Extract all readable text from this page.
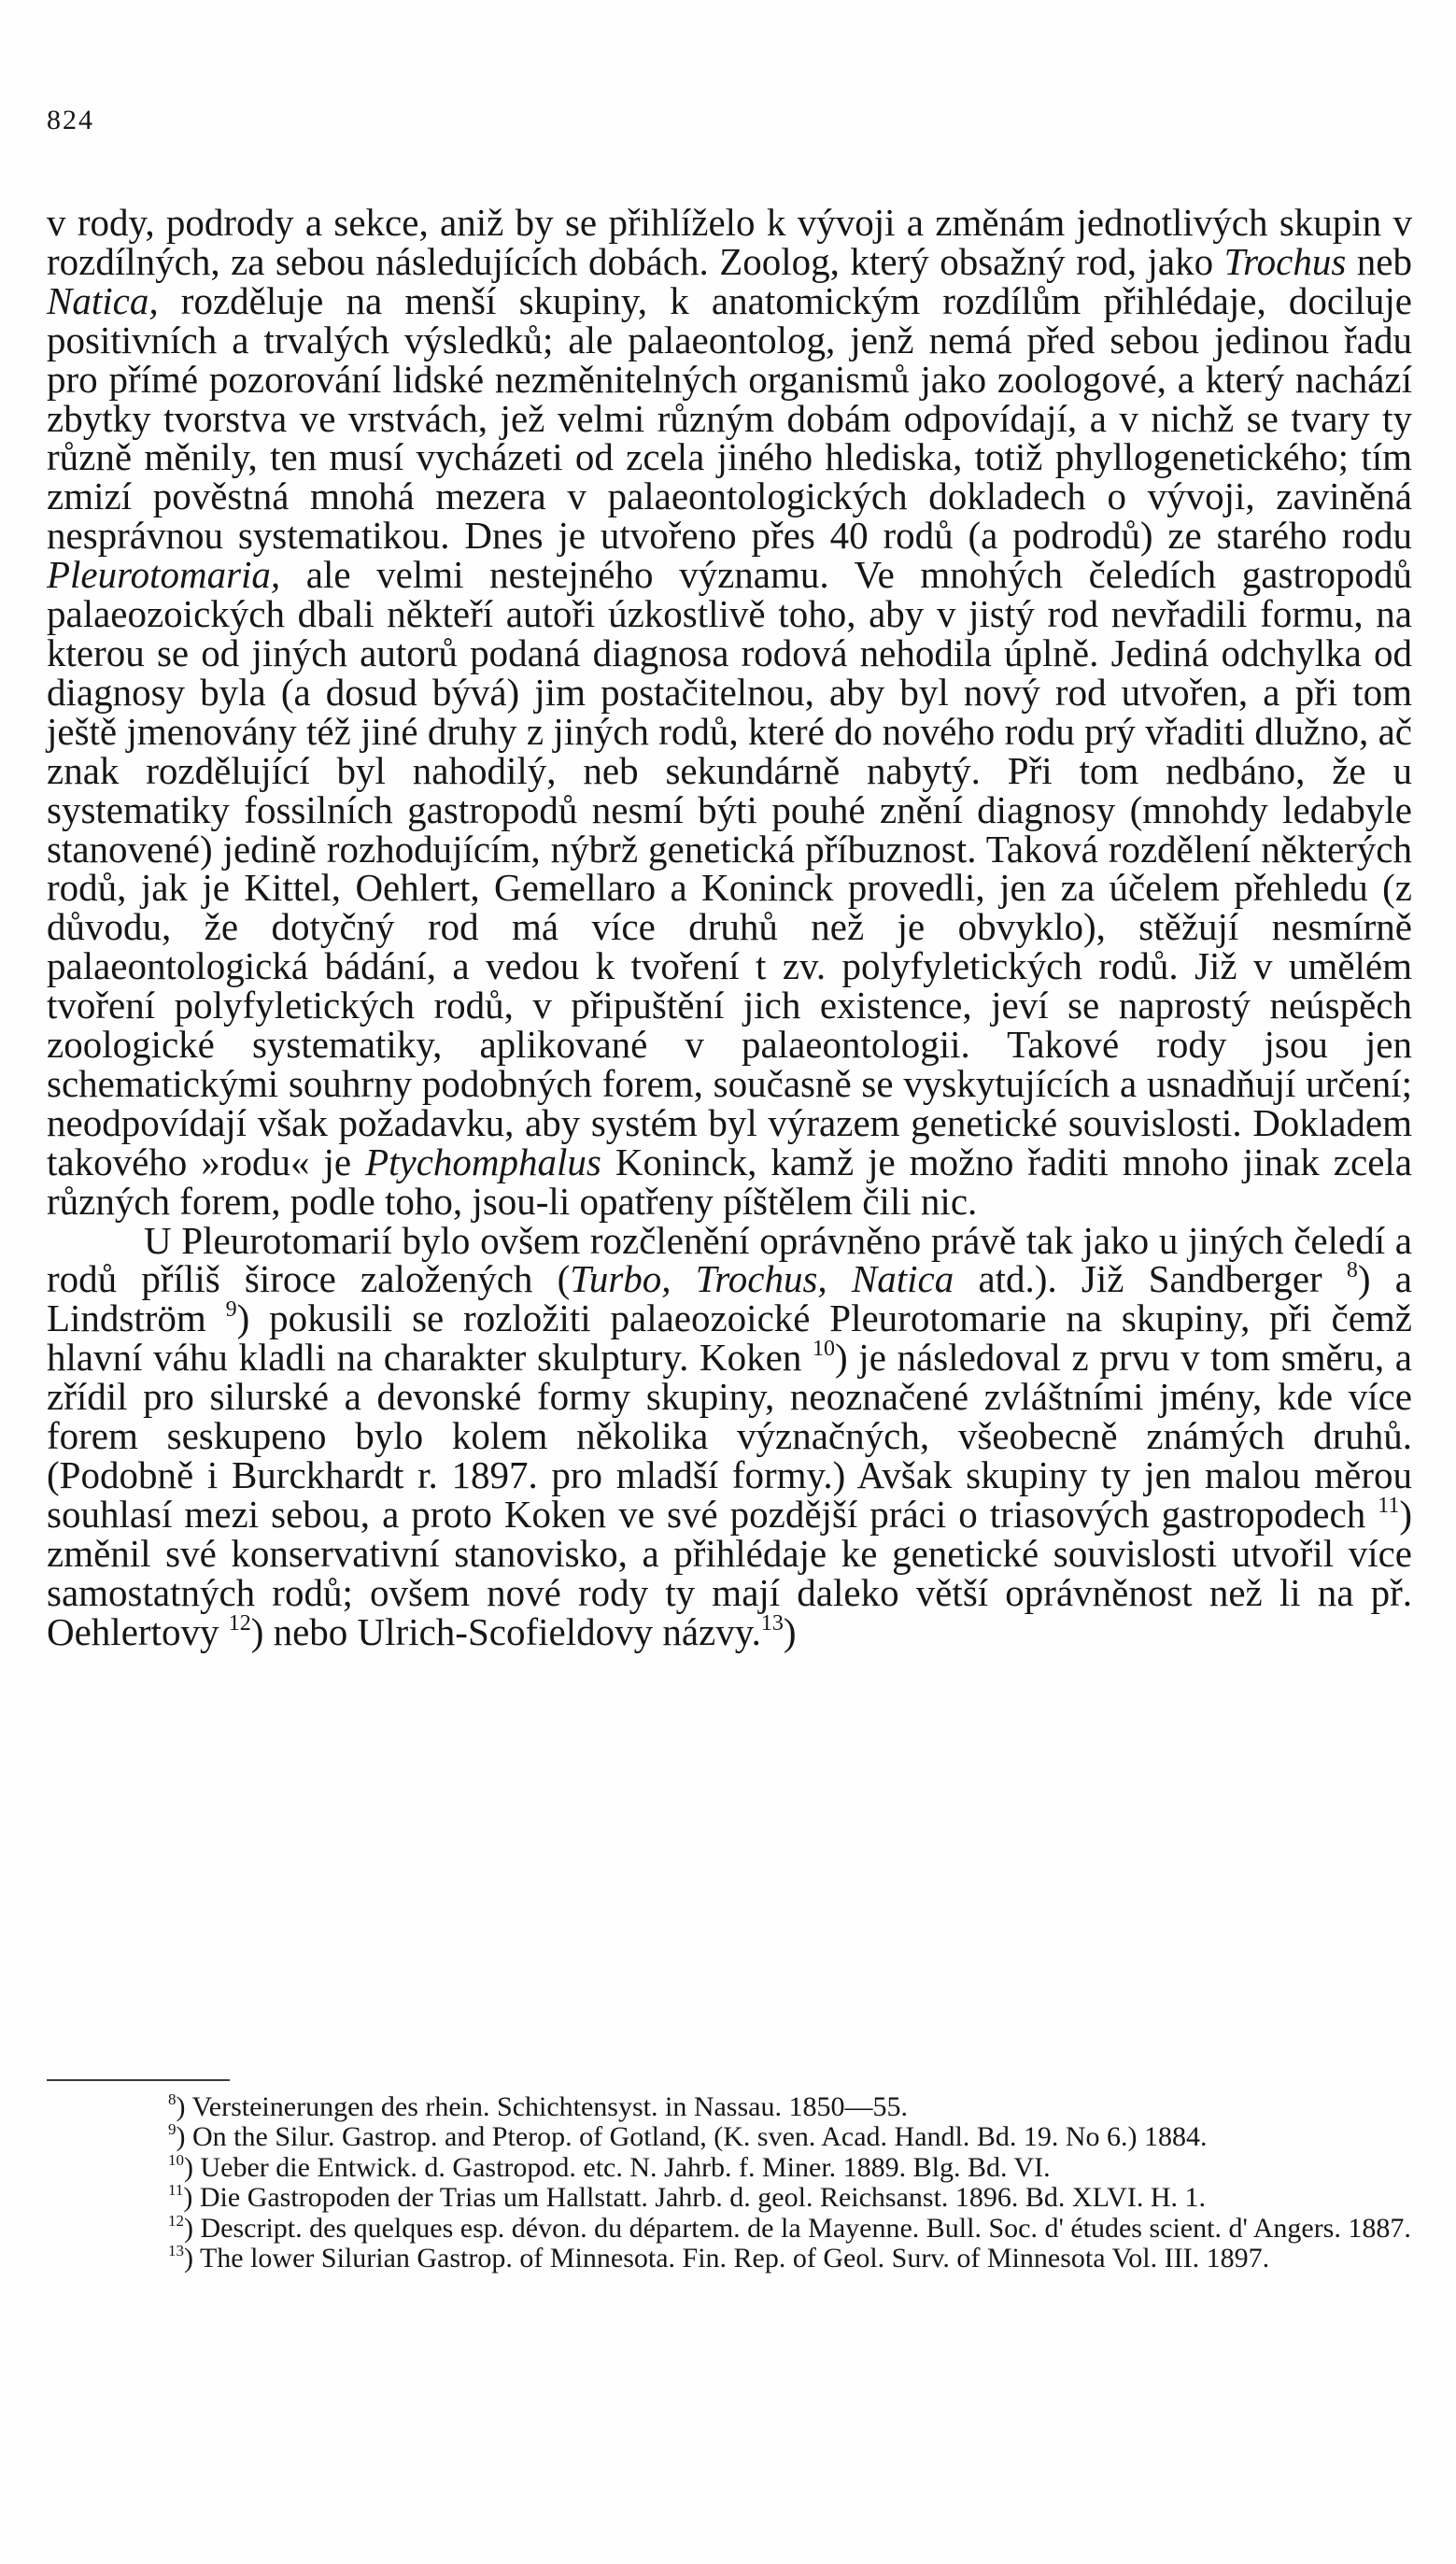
824

v rody, podrody a sekce, aniž by se přihlíželo k vývoji a změnám jednotlivých skupin v rozdílných, za sebou následujících dobách. Zoolog, který obsažný rod, jako Trochus neb Natica, rozděluje na menší skupiny, k anatomickým rozdílům přihlédaje, dociluje positivních a trvalých výsledků; ale palaeontolog, jenž nemá před sebou jedinou řadu pro přímé pozorování lidské nezměnitelných organismů jako zoologové, a který nachází zbytky tvorstva ve vrstvách, jež velmi různým dobám odpovídají, a v nichž se tvary ty různě měnily, ten musí vycházeti od zcela jiného hlediska, totiž phyllogenetického; tím zmizí pověstná mnohá mezera v palaeontologických dokladech o vývoji, zaviněná nesprávnou systematikou. Dnes je utvořeno přes 40 rodů (a podrodů) ze starého rodu Pleurotomaria, ale velmi nestejného významu. Ve mnohých čeledích gastropodů palaeozoických dbali někteří autoři úzkostlivě toho, aby v jistý rod nevřadili formu, na kterou se od jiných autorů podaná diagnosa rodová nehodila úplně. Jediná odchylka od diagnosy byla (a dosud bývá) jim postačitelnou, aby byl nový rod utvořen, a při tom ještě jmenovány též jiné druhy z jiných rodů, které do nového rodu prý vřaditi dlužno, ač znak rozdělující byl nahodilý, neb sekundárně nabytý. Při tom nedbáno, že u systematiky fossilních gastropodů nesmí býti pouhé znění diagnosy (mnohdy ledabyle stanovené) jedině rozhodujícím, nýbrž genetická příbuznost. Taková rozdělení některých rodů, jak je Kittel, Oehlert, Gemellaro a Koninck provedli, jen za účelem přehledu (z důvodu, že dotyčný rod má více druhů než je obvyklo), stěžují nesmírně palaeontologická bádání, a vedou k tvoření t zv. polyfyletických rodů. Již v umělém tvoření polyfyletických rodů, v připuštění jich existence, jeví se naprostý neúspěch zoologické systematiky, aplikované v palaeontologii. Takové rody jsou jen schematickými souhrny podobných forem, současně se vyskytujících a usnadňují určení; neodpovídají však požadavku, aby systém byl výrazem genetické souvislosti. Dokladem takového »rodu« je Ptychomphalus Koninck, kamž je možno řaditi mnoho jinak zcela různých forem, podle toho, jsou-li opatřeny píštělem čili nic.

U Pleurotomarií bylo ovšem rozčlenění oprávněno právě tak jako u jiných čeledí a rodů příliš široce založených (Turbo, Trochus, Natica atd.). Již Sandberger $^8$) a Lindström $^9$) pokusili se rozložiti palaeozoické Pleurotomarie na skupiny, při čemž hlavní váhu kladli na charakter skulptury. Koken $^{10}$) je následoval z prvu v tom směru, a zřídil pro silurské a devonské formy skupiny, neoznačené zvláštními jmény, kde více forem seskupeno bylo kolem několika význačných, všeobecně známých druhů. (Podobně i Burckhardt r. 1897. pro mladší formy.) Avšak skupiny ty jen malou měrou souhlasí mezi sebou, a proto Koken ve své pozdější práci o triasových gastropodech $^{11}$) změnil své konservativní stanovisko, a přihlédaje ke genetické souvislosti utvořil více samostatných rodů; ovšem nové rody ty mají daleko větší oprávněnost než li na př. Oehlertovy $^{12}$) nebo Ulrich-Scofieldovy názvy.$^{13}$)

$^8$) Versteinerungen des rhein. Schichtensyst. in Nassau. 1850—55.

$^9$) On the Silur. Gastrop. and Pterop. of Gotland, (K. sven. Acad. Handl. Bd. 19. No 6.) 1884.

$^{10}$) Ueber die Entwick. d. Gastropod. etc. N. Jahrb. f. Miner. 1889. Blg. Bd. VI.

$^{11}$) Die Gastropoden der Trias um Hallstatt. Jahrb. d. geol. Reichsanst. 1896. Bd. XLVI. H. 1.

$^{12}$) Descript. des quelques esp. dévon. du départem. de la Mayenne. Bull. Soc. d' études scient. d' Angers. 1887.

$^{13}$) The lower Silurian Gastrop. of Minnesota. Fin. Rep. of Geol. Surv. of Minnesota Vol. III. 1897.
